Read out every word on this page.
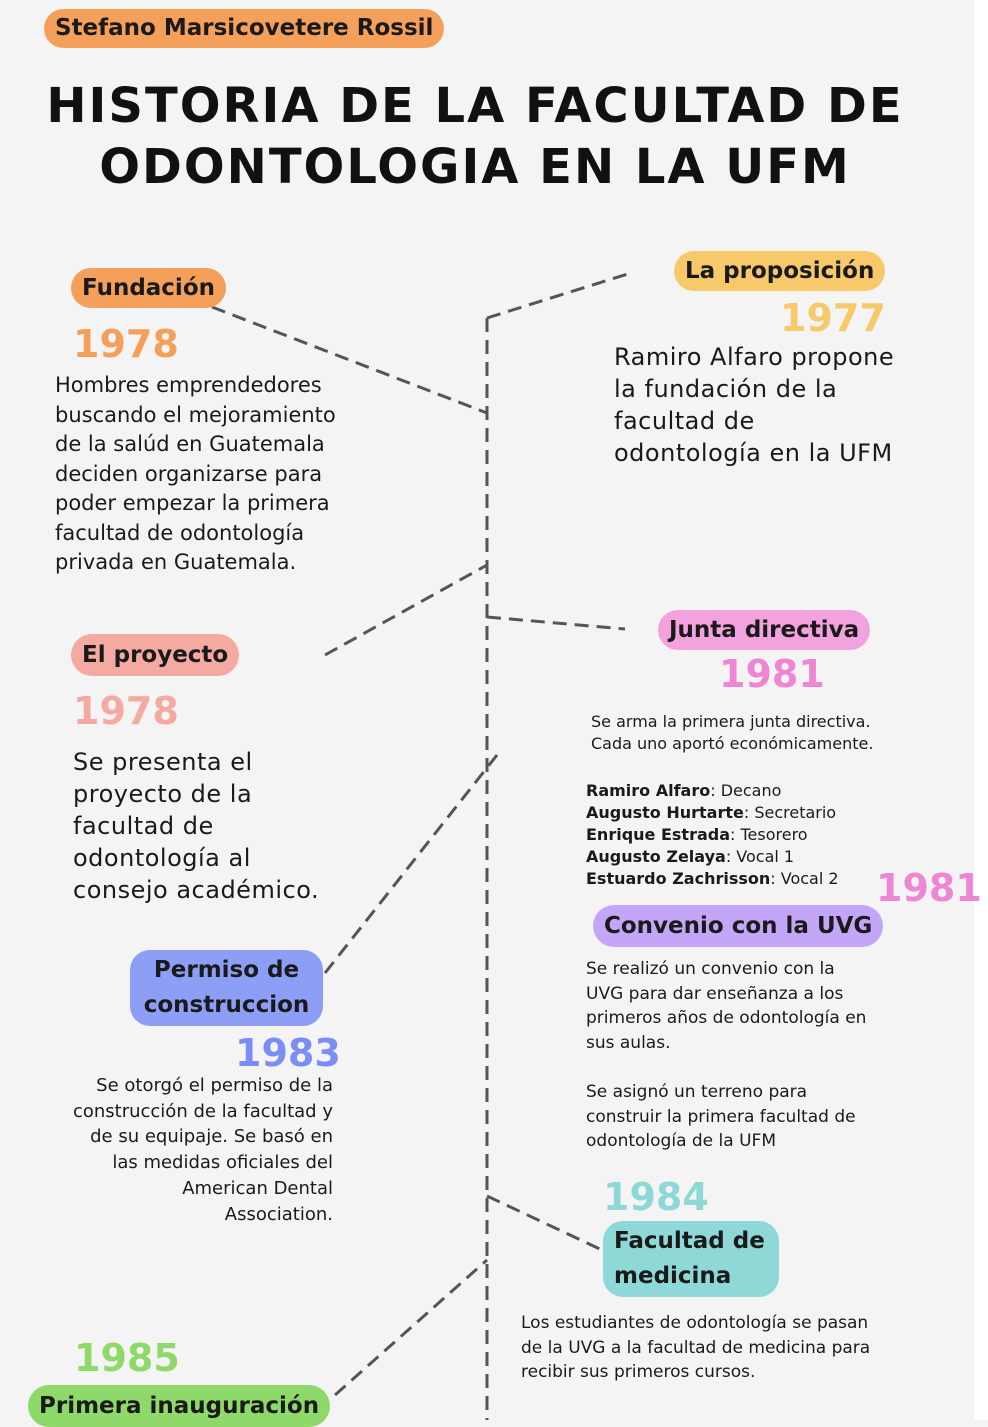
Stefano Marsicovetere Rossil
HISTORIA DE LA FACULTAD DE ODONTOLOGIA EN LA UFM
Fundación
1978

Hombres emprendedores
buscando el mejoramiento
de la salúd en Guatemala
deciden organizarse para
poder empezar la primera
facultad de odontología
privada en Guatemala.

La proposición
1977

Ramiro Alfaro propone
la fundación de la
facultad de
odontología en la UFM

El proyecto
1978

Se presenta el
proyecto de la
facultad de
odontología al
consejo académico.

Junta directiva
1981

Se arma la primera junta directiva.
Cada uno aportó económicamente.

Ramiro Alfaro: Decano
Augusto Hurtarte: Secretario
Enrique Estrada: Tesorero
Augusto Zelaya: Vocal 1
Estuardo Zachrisson: Vocal 2 1981
Convenio con la UVG

Se realizó un convenio con la
UVG para dar enseñanza a los
primeros años de odontología en
sus aulas.

Se asignó un terreno para
construir la primera facultad de
odontología de la UFM

Permiso de
construccion
1983

Se otorgó el permiso de la
construcción de la facultad y
de su equipaje. Se basó en
las medidas oficiales del
American Dental
Association.	1984
Facultad de
medicina

Los estudiantes de odontología se pasan
de la UVG a la facultad de medicina para
recibir sus primeros cursos.

1985
Primera inauguración
